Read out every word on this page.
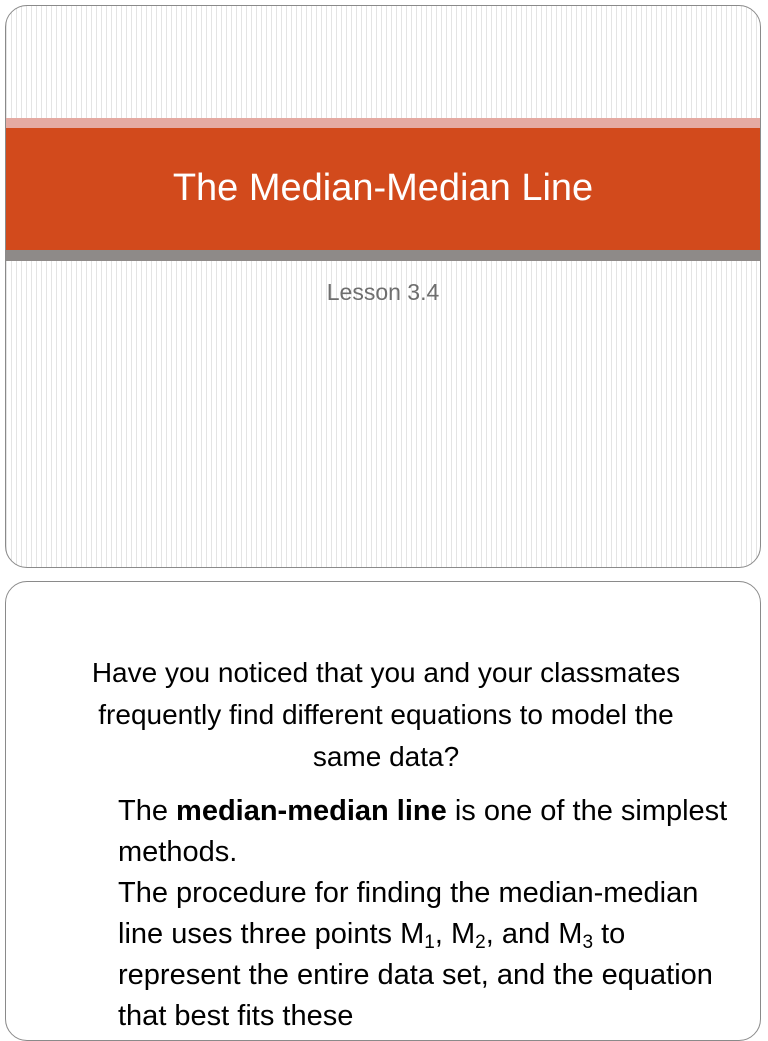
The Median-Median Line
Lesson 3.4
Have you noticed that you and your classmates frequently find different equations to model the same data?
The median-median line is one of the simplest methods.
The procedure for finding the median-median line uses three points $M_1$, $M_2$, and $M_3$ to represent the entire data set, and the equation that best fits these
